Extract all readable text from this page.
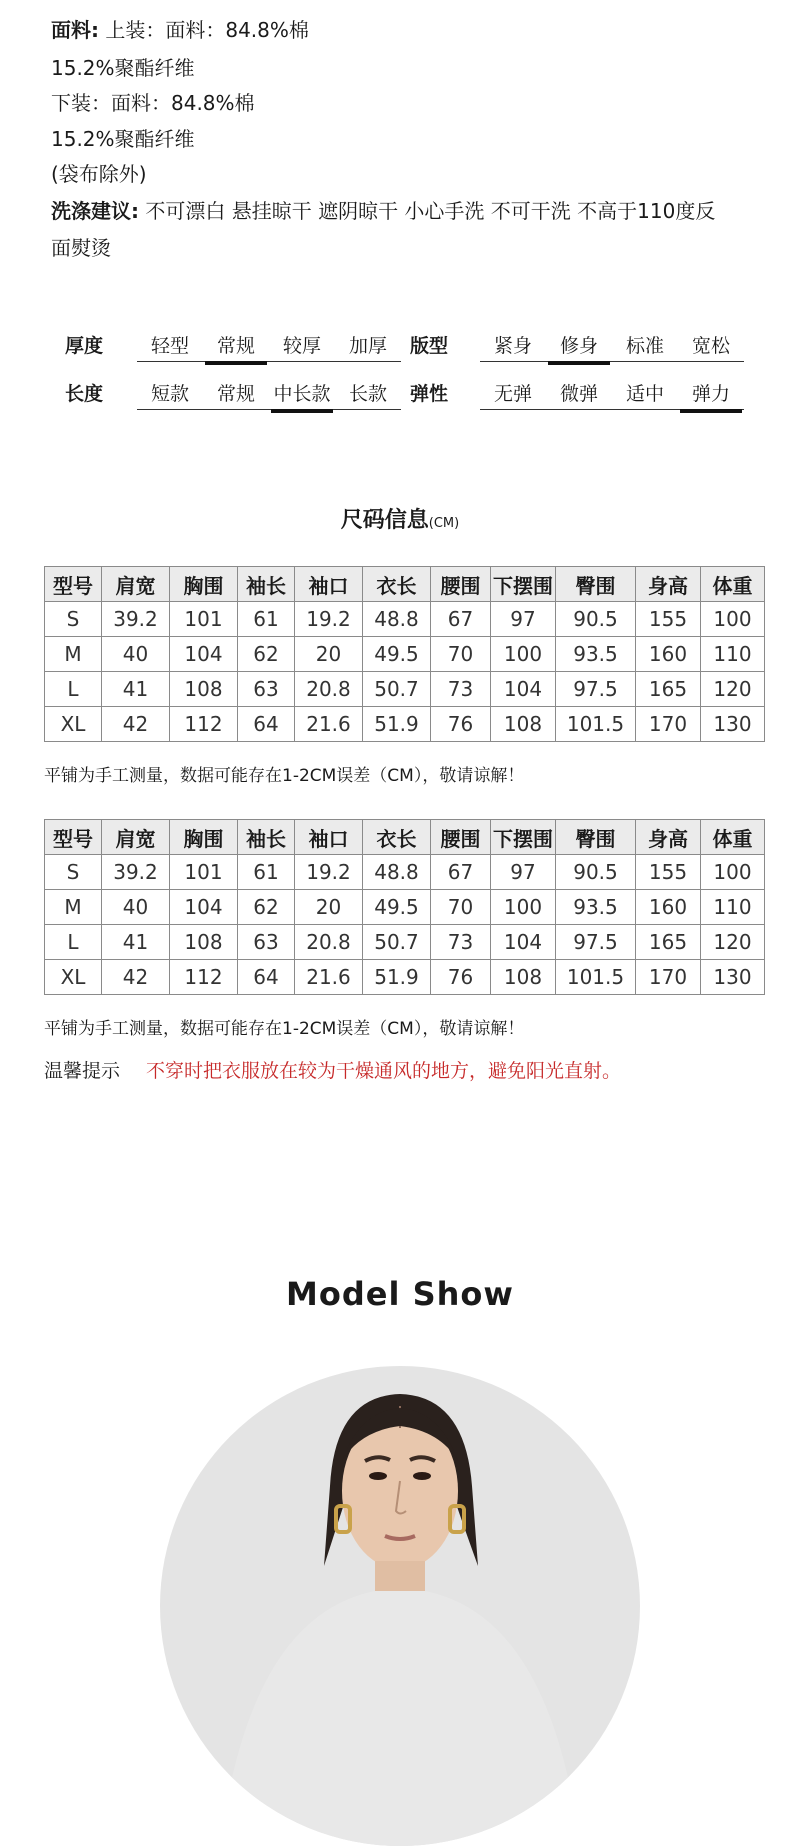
面料: 上装：面料：84.8%棉
15.2%聚酯纤维
下装：面料：84.8%棉
15.2%聚酯纤维
(袋布除外)
洗涤建议: 不可漂白 悬挂晾干 遮阴晾干 小心手洗 不可干洗 不高于110度反
面熨烫
厚度	轻型	常规	较厚	加厚	版型	紧身	修身	标准	宽松
长度	短款	常规 中长款 长款	弹性	无弹	微弹	适中	弹力
尺码信息(CM)
型号	肩宽	胸围	袖长	袖口	衣长	腰围	下摆围	臀围	身高	体重
S	39.2	101	61	19.2	48.8	67	97	90.5	155	100
M	40	104	62	20	49.5	70	100	93.5	160	110
L	41	108	63	20.8	50.7	73	104	97.5	165	120
XL	42	112	64	21.6	51.9	76	108	101.5	170	130
平铺为手工测量，数据可能存在1-2CM误差（CM），敬请谅解！
型号	肩宽	胸围	袖长	袖口	衣长	腰围	下摆围	臀围	身高	体重
S	39.2	101	61	19.2	48.8	67	97	90.5	155	100
M	40	104	62	20	49.5	70	100	93.5	160	110
L	41	108	63	20.8	50.7	73	104	97.5	165	120
XL	42	112	64	21.6	51.9	76	108	101.5	170	130
平铺为手工测量，数据可能存在1-2CM误差（CM），敬请谅解！
温馨提示 不穿时把衣服放在较为干燥通风的地方，避免阳光直射。
Model Show
